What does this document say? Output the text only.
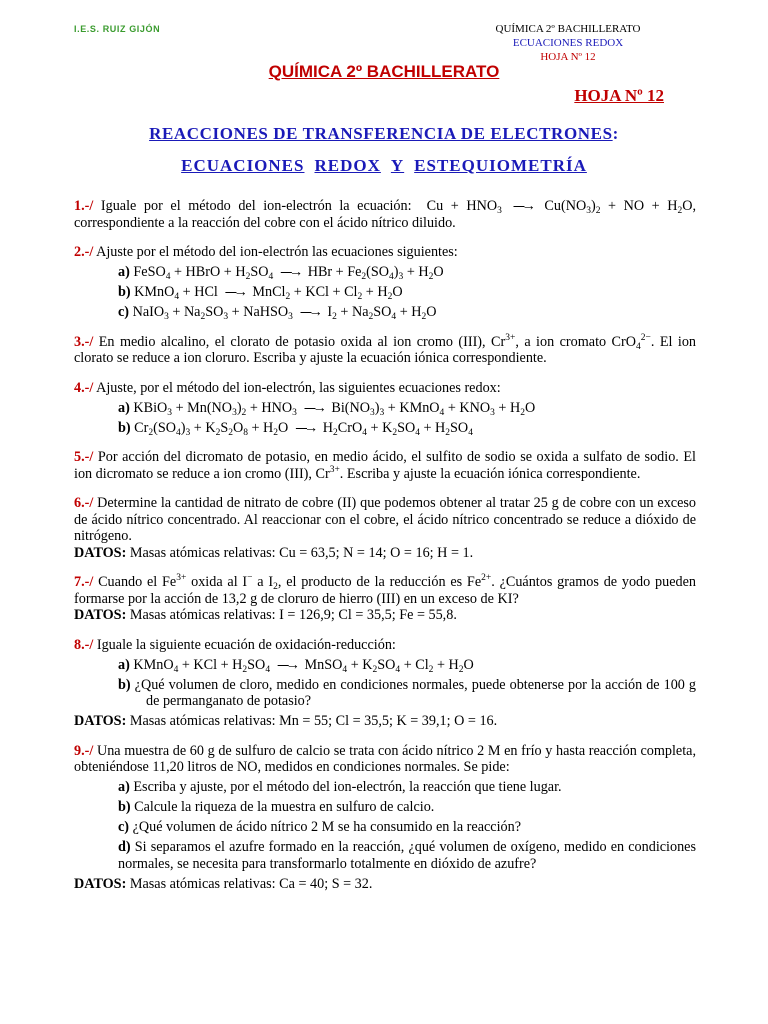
I.E.S. RUIZ GIJÓN	QUÍMICA 2º BACHILLERATO
ECUACIONES REDOX
HOJA Nº 12
QUÍMICA 2º BACHILLERATO
HOJA Nº 12
REACCIONES DE TRANSFERENCIA DE ELECTRONES:
ECUACIONES REDOX Y ESTEQUIOMETRÍA
1.-/ Iguale por el método del ion-electrón la ecuación:  $Cu + HNO_3$ ⎯⎯→ $Cu(NO_3)_2$ + NO + $H_2O$, correspondiente a la reacción del cobre con el ácido nítrico diluido.
2.-/ Ajuste por el método del ion-electrón las ecuaciones siguientes:
a) FeSO$_4$ + HBrO + $H_2SO_4$ ⎯⎯→ HBr + $Fe_2(SO_4)_3 + H_2O$
b) KMnO$_4$ + HCl ⎯⎯→ MnCl$_2$ + KCl + $Cl_2 + H_2O$
c) NaIO$_3$ + $Na_2SO_3$ + NaHSO$_3$ ⎯⎯→ $I_2 + Na_2SO_4 + H_2O$
3.-/ En medio alcalino, el clorato de potasio oxida al ion cromo (III), $Cr^{3+}$, a ion cromato CrO$_4^{2-}$. El ion clorato se reduce a ion cloruro. Escriba y ajuste la ecuación iónica correspondiente.
4.-/ Ajuste, por el método del ion-electrón, las siguientes ecuaciones redox:
a) KBiO$_3$ + $Mn(NO_3)_2 + HNO_3$ ⎯⎯→ $Bi(NO_3)_3$ + KMnO$_4$ + $KNO_3 + H_2O$
b) $Cr_2(SO_4)_3 + K_2S_2O_8 + H_2O$ ⎯⎯→ $H_2CrO_4 + K_2SO_4 + H_2SO_4$
5.-/ Por acción del dicromato de potasio, en medio ácido, el sulfito de sodio se oxida a sulfato de sodio. El ion dicromato se reduce a ion cromo (III), $Cr^{3+}$. Escriba y ajuste la ecuación iónica correspondiente.
6.-/ Determine la cantidad de nitrato de cobre (II) que podemos obtener al tratar 25 g de cobre con un exceso de ácido nítrico concentrado. Al reaccionar con el cobre, el ácido nítrico concentrado se reduce a dióxido de nitrógeno.
DATOS: Masas atómicas relativas: Cu = 63,5; N = 14; O = 16; H = 1.
7.-/ Cuando el $Fe^{3+}$ oxida al I− a $I_2$, el producto de la reducción es $Fe^{2+}$. ¿Cuántos gramos de yodo pueden formarse por la acción de 13,2 g de cloruro de hierro (III) en un exceso de KI?
DATOS: Masas atómicas relativas: I = 126,9; Cl = 35,5; Fe = 55,8.
8.-/ Iguale la siguiente ecuación de oxidación-reducción:
a) KMnO$_4$ + KCl + $H_2SO_4$ ⎯⎯→ MnSO$_4$ + $K_2SO_4 + Cl_2 + H_2O$
b) ¿Qué volumen de cloro, medido en condiciones normales, puede obtenerse por la acción de 100 g de permanganato de potasio?
DATOS: Masas atómicas relativas: Mn = 55; Cl = 35,5; K = 39,1; O = 16.
9.-/ Una muestra de 60 g de sulfuro de calcio se trata con ácido nítrico 2 M en frío y hasta reacción completa, obteniéndose 11,20 litros de NO, medidos en condiciones normales. Se pide:
a) Escriba y ajuste, por el método del ion-electrón, la reacción que tiene lugar.
b) Calcule la riqueza de la muestra en sulfuro de calcio.
c) ¿Qué volumen de ácido nítrico 2 M se ha consumido en la reacción?
d) Si separamos el azufre formado en la reacción, ¿qué volumen de oxígeno, medido en condiciones normales, se necesita para transformarlo totalmente en dióxido de azufre?
DATOS: Masas atómicas relativas: Ca = 40; S = 32.
